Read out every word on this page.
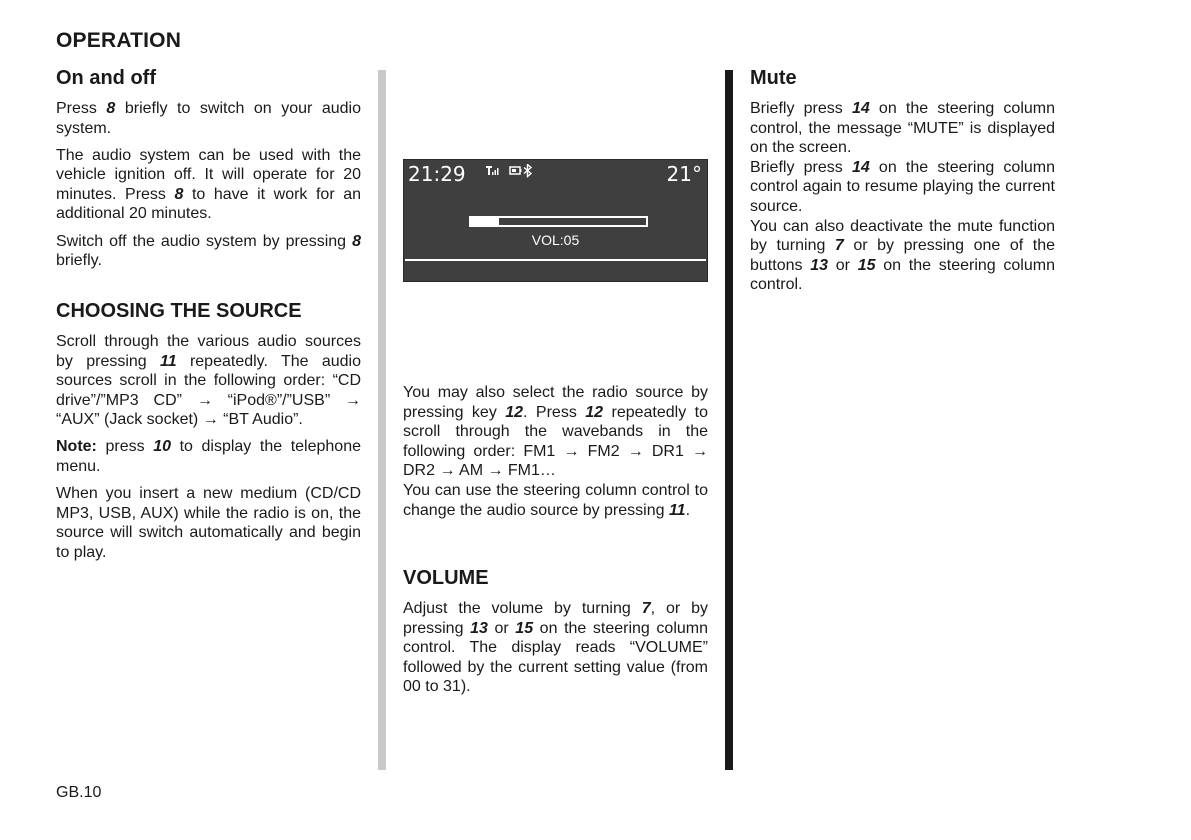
OPERATION
On and off

Press 8 briefly to switch on your audio system.

The audio system can be used with the vehicle ignition off. It will operate for 20 minutes. Press 8 to have it work for an additional 20 minutes.

Switch off the audio system by pressing 8 briefly.

CHOOSING THE SOURCE

Scroll through the various audio sources by pressing 11 repeatedly. The audio sources scroll in the following order: “CD drive”/”MP3 CD” → “iPod®”/”USB” → “AUX” (Jack socket) → “BT Audio”.

Note: press 10 to display the telephone menu.

When you insert a new medium (CD/CD MP3, USB, AUX) while the radio is on, the source will switch automatically and begin to play.

21:29	21°
VOL:05

You may also select the radio source by pressing key 12. Press 12 repeatedly to scroll through the wavebands in the following order: FM1 → FM2 → DR1 → DR2 → AM → FM1…

You can use the steering column control to change the audio source by pressing 11.

VOLUME

Adjust the volume by turning 7, or by pressing 13 or 15 on the steering column control. The display reads “VOLUME” followed by the current setting value (from 00 to 31).

Mute

Briefly press 14 on the steering column control, the message “MUTE” is displayed on the screen.

Briefly press 14 on the steering column control again to resume playing the current source.

You can also deactivate the mute function by turning 7 or by pressing one of the buttons 13 or 15 on the steering column control.

GB.10
